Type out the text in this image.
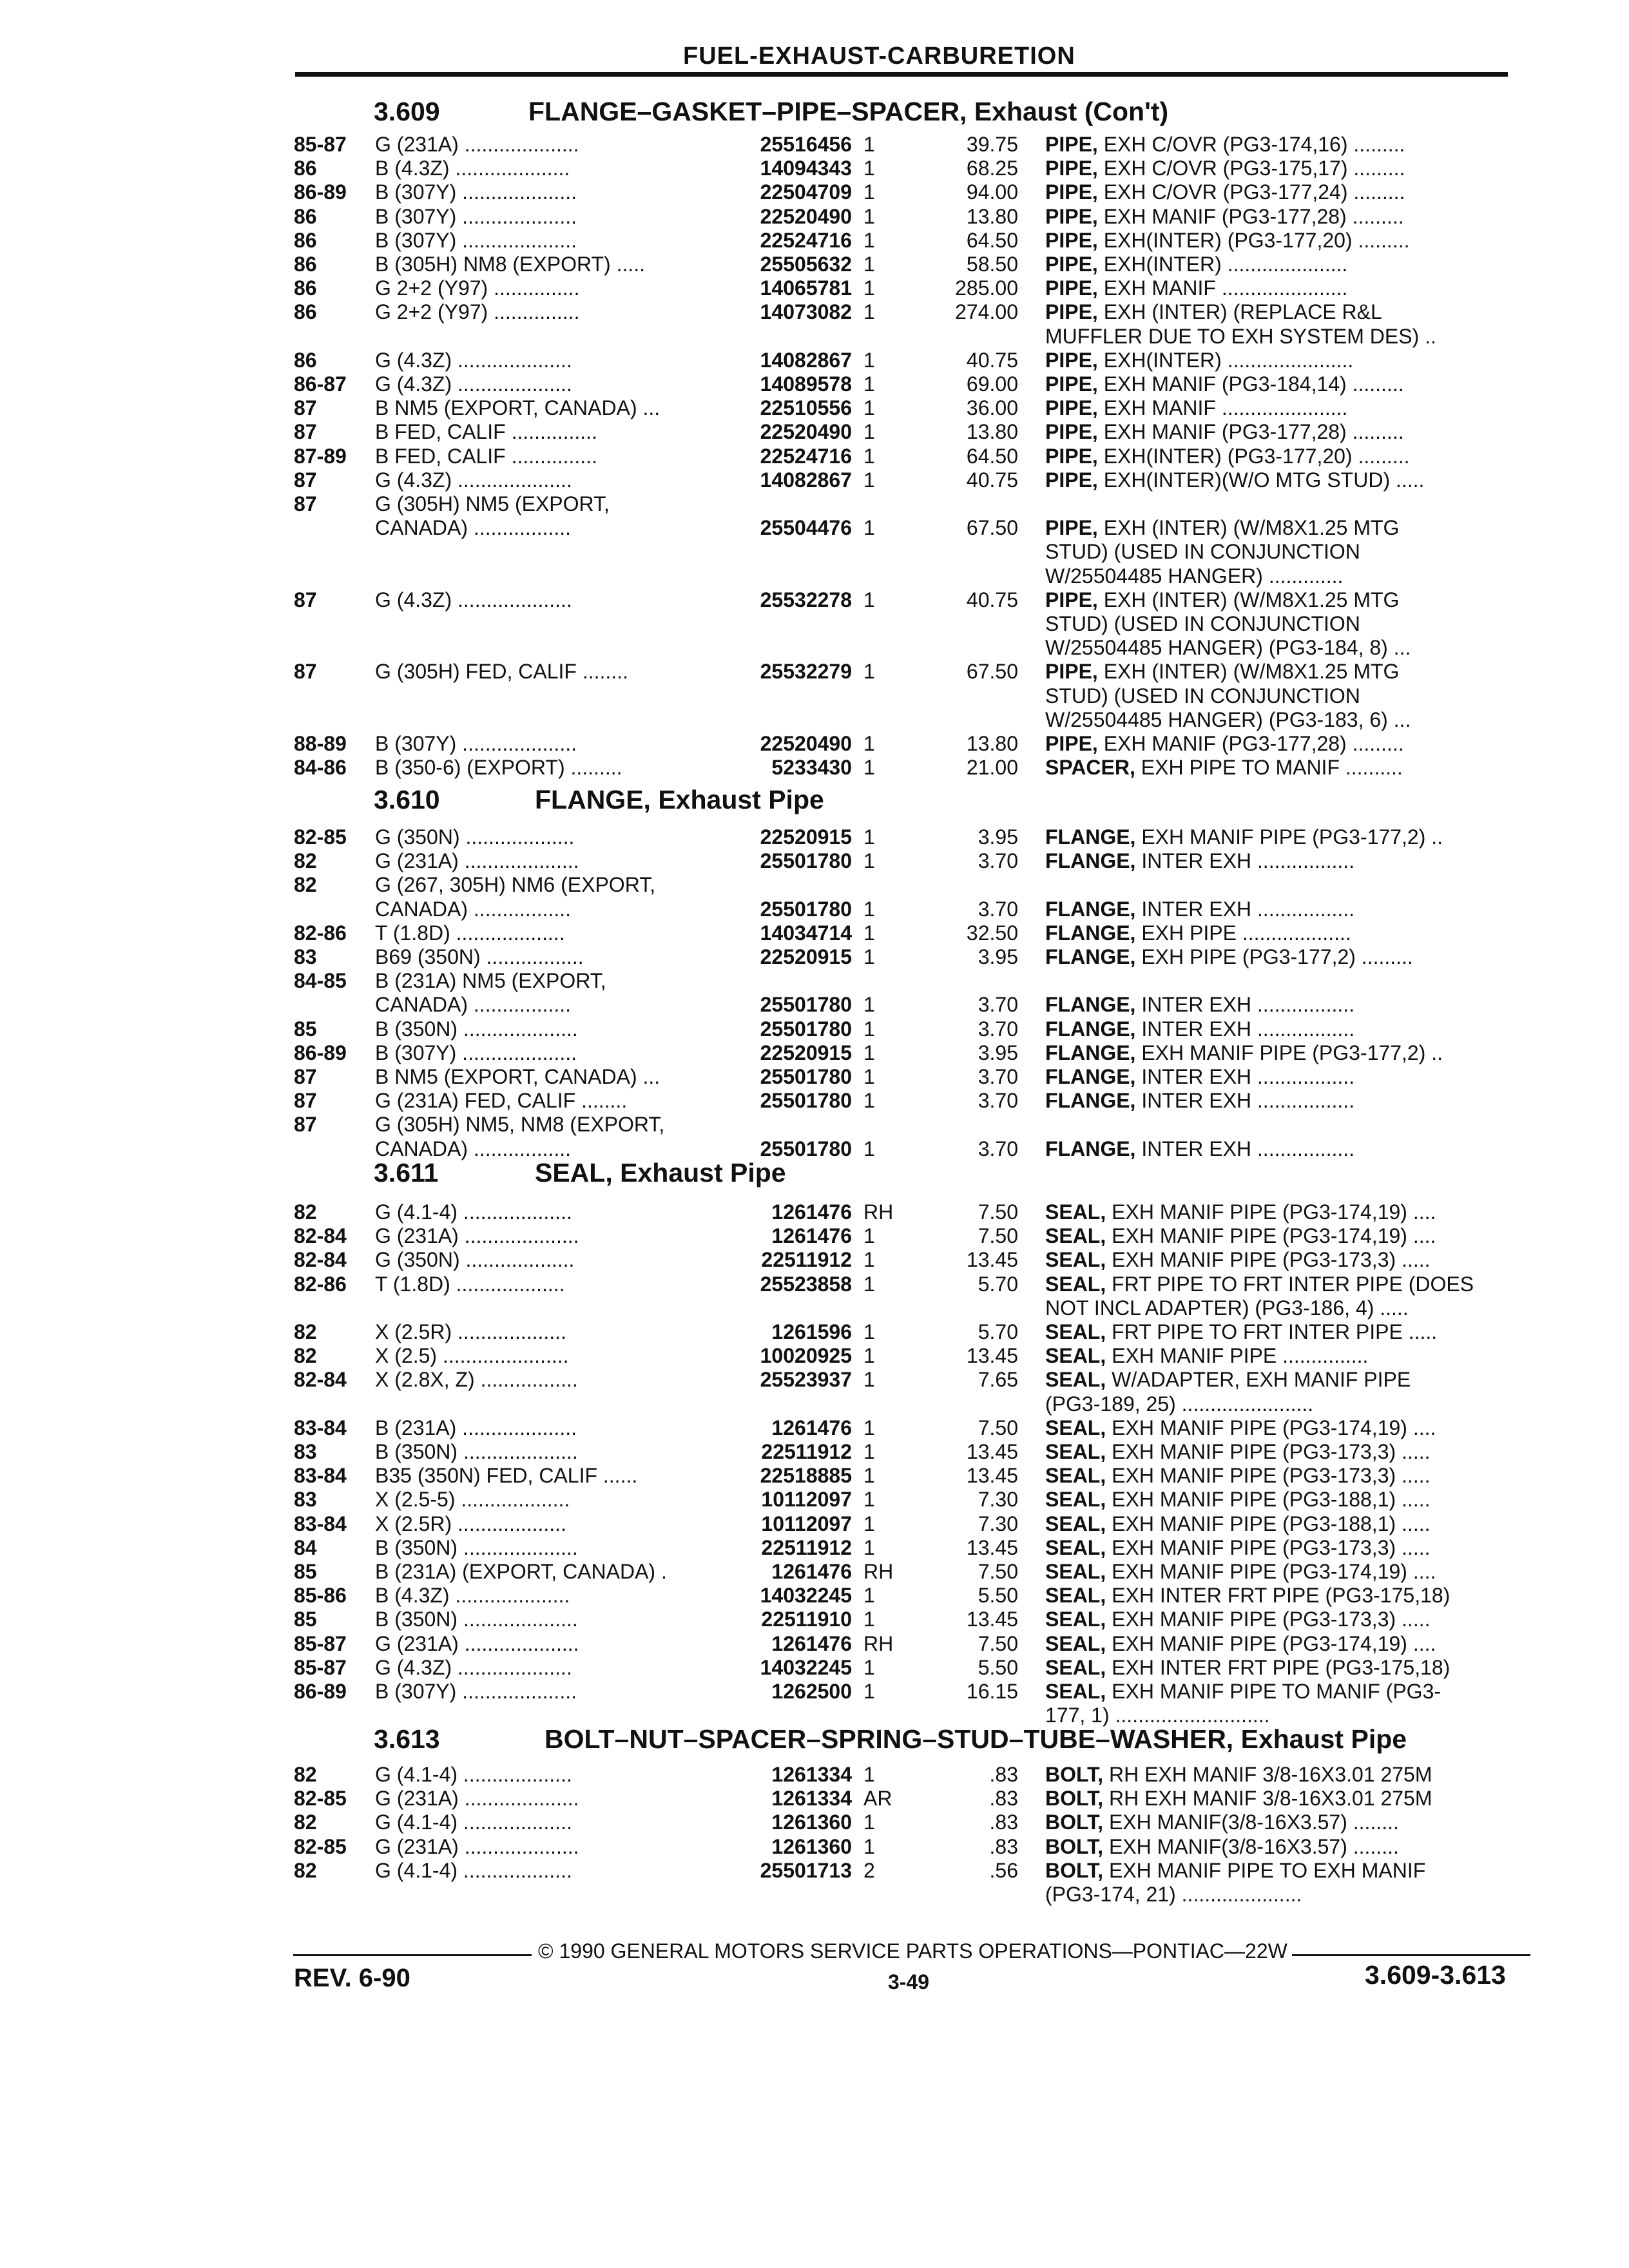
FUEL-EXHAUST-CARBURETION
3.609	FLANGE–GASKET–PIPE–SPACER, Exhaust (Con't)
85-87 G (231A) ....................	25516456 1	39.75 PIPE, EXH C/OVR (PG3-174,16) .........
86	B (4.3Z) ....................	14094343 1	68.25 PIPE, EXH C/OVR (PG3-175,17) .........
86-89 B (307Y) ....................	22504709 1	94.00 PIPE, EXH C/OVR (PG3-177,24) .........
86	B (307Y) ....................	22520490 1	13.80 PIPE, EXH MANIF (PG3-177,28) .........
86	B (307Y) ....................	22524716 1	64.50 PIPE, EXH(INTER) (PG3-177,20) .........
86	B (305H) NM8 (EXPORT) .....	25505632 1	58.50 PIPE, EXH(INTER) .....................
86	G 2+2 (Y97) ...............	14065781 1	285.00 PIPE, EXH MANIF ......................
86	G 2+2 (Y97) ...............	14073082 1	274.00 PIPE, EXH (INTER) (REPLACE R&L
MUFFLER DUE TO EXH SYSTEM DES) ..
86	G (4.3Z) ....................	14082867 1	40.75 PIPE, EXH(INTER) ......................
86-87 G (4.3Z) ....................	14089578 1	69.00 PIPE, EXH MANIF (PG3-184,14) .........
87	B NM5 (EXPORT, CANADA) ...	22510556 1	36.00 PIPE, EXH MANIF ......................
87	B FED, CALIF ...............	22520490 1	13.80 PIPE, EXH MANIF (PG3-177,28) .........
87-89 B FED, CALIF ...............	22524716 1	64.50 PIPE, EXH(INTER) (PG3-177,20) .........
87	G (4.3Z) ....................	14082867 1	40.75 PIPE, EXH(INTER)(W/O MTG STUD) .....
87	G (305H) NM5 (EXPORT,
CANADA) .................	25504476 1	67.50 PIPE, EXH (INTER) (W/M8X1.25 MTG
STUD) (USED IN CONJUNCTION
W/25504485 HANGER) .............
87	G (4.3Z) ....................	25532278 1	40.75 PIPE, EXH (INTER) (W/M8X1.25 MTG
STUD) (USED IN CONJUNCTION
W/25504485 HANGER) (PG3-184, 8) ...
87	G (305H) FED, CALIF ........	25532279 1	67.50 PIPE, EXH (INTER) (W/M8X1.25 MTG
STUD) (USED IN CONJUNCTION
W/25504485 HANGER) (PG3-183, 6) ...
88-89 B (307Y) ....................	22520490 1	13.80 PIPE, EXH MANIF (PG3-177,28) .........
84-86 B (350-6) (EXPORT) .........	5233430 1	21.00 SPACER, EXH PIPE TO MANIF ..........
3.610	FLANGE, Exhaust Pipe
82-85 G (350N) ...................	22520915 1	3.95 FLANGE, EXH MANIF PIPE (PG3-177,2) ..
82	G (231A) ....................	25501780 1	3.70 FLANGE, INTER EXH .................
82	G (267, 305H) NM6 (EXPORT,
CANADA) .................	25501780 1	3.70 FLANGE, INTER EXH .................
82-86 T (1.8D) ...................	14034714 1	32.50 FLANGE, EXH PIPE ...................
83	B69 (350N) .................	22520915 1	3.95 FLANGE, EXH PIPE (PG3-177,2) .........
84-85 B (231A) NM5 (EXPORT,
CANADA) .................	25501780 1	3.70 FLANGE, INTER EXH .................
85	B (350N) ....................	25501780 1	3.70 FLANGE, INTER EXH .................
86-89 B (307Y) ....................	22520915 1	3.95 FLANGE, EXH MANIF PIPE (PG3-177,2) ..
87	B NM5 (EXPORT, CANADA) ...	25501780 1	3.70 FLANGE, INTER EXH .................
87	G (231A) FED, CALIF ........	25501780 1	3.70 FLANGE, INTER EXH .................
87	G (305H) NM5, NM8 (EXPORT,
CANADA) .................	25501780 1	3.70 FLANGE, INTER EXH .................
3.611	SEAL, Exhaust Pipe
82	G (4.1-4) ...................	1261476 RH	7.50 SEAL, EXH MANIF PIPE (PG3-174,19) ....
82-84 G (231A) ....................	1261476 1	7.50 SEAL, EXH MANIF PIPE (PG3-174,19) ....
82-84 G (350N) ...................	22511912 1	13.45 SEAL, EXH MANIF PIPE (PG3-173,3) .....
82-86 T (1.8D) ...................	25523858 1	5.70 SEAL, FRT PIPE TO FRT INTER PIPE (DOES
NOT INCL ADAPTER) (PG3-186, 4) .....
82	X (2.5R) ...................	1261596 1	5.70 SEAL, FRT PIPE TO FRT INTER PIPE .....
82	X (2.5) ......................	10020925 1	13.45 SEAL, EXH MANIF PIPE ...............
82-84 X (2.8X, Z) .................	25523937 1	7.65 SEAL, W/ADAPTER, EXH MANIF PIPE
(PG3-189, 25) .......................
83-84 B (231A) ....................	1261476 1	7.50 SEAL, EXH MANIF PIPE (PG3-174,19) ....
83	B (350N) ....................	22511912 1	13.45 SEAL, EXH MANIF PIPE (PG3-173,3) .....
83-84 B35 (350N) FED, CALIF ......	22518885 1	13.45 SEAL, EXH MANIF PIPE (PG3-173,3) .....
83	X (2.5-5) ...................	10112097 1	7.30 SEAL, EXH MANIF PIPE (PG3-188,1) .....
83-84 X (2.5R) ...................	10112097 1	7.30 SEAL, EXH MANIF PIPE (PG3-188,1) .....
84	B (350N) ....................	22511912 1	13.45 SEAL, EXH MANIF PIPE (PG3-173,3) .....
85	B (231A) (EXPORT, CANADA) .	1261476 RH	7.50 SEAL, EXH MANIF PIPE (PG3-174,19) ....
85-86 B (4.3Z) ....................	14032245 1	5.50 SEAL, EXH INTER FRT PIPE (PG3-175,18)
85	B (350N) ....................	22511910 1	13.45 SEAL, EXH MANIF PIPE (PG3-173,3) .....
85-87 G (231A) ....................	1261476 RH	7.50 SEAL, EXH MANIF PIPE (PG3-174,19) ....
85-87 G (4.3Z) ....................	14032245 1	5.50 SEAL, EXH INTER FRT PIPE (PG3-175,18)
86-89 B (307Y) ....................	1262500 1	16.15 SEAL, EXH MANIF PIPE TO MANIF (PG3-
177, 1) ...........................
3.613	BOLT–NUT–SPACER–SPRING–STUD–TUBE–WASHER, Exhaust Pipe
82	G (4.1-4) ...................	1261334 1	.83 BOLT, RH EXH MANIF 3/8-16X3.01 275M
82-85 G (231A) ....................	1261334 AR	.83 BOLT, RH EXH MANIF 3/8-16X3.01 275M
82	G (4.1-4) ...................	1261360 1	.83 BOLT, EXH MANIF(3/8-16X3.57) ........
82-85 G (231A) ....................	1261360 1	.83 BOLT, EXH MANIF(3/8-16X3.57) ........
82	G (4.1-4) ...................	25501713 2	.56 BOLT, EXH MANIF PIPE TO EXH MANIF
(PG3-174, 21) .....................
© 1990 GENERAL MOTORS SERVICE PARTS OPERATIONS—PONTIAC—22W
REV. 6-90	3-49	3.609-3.613
